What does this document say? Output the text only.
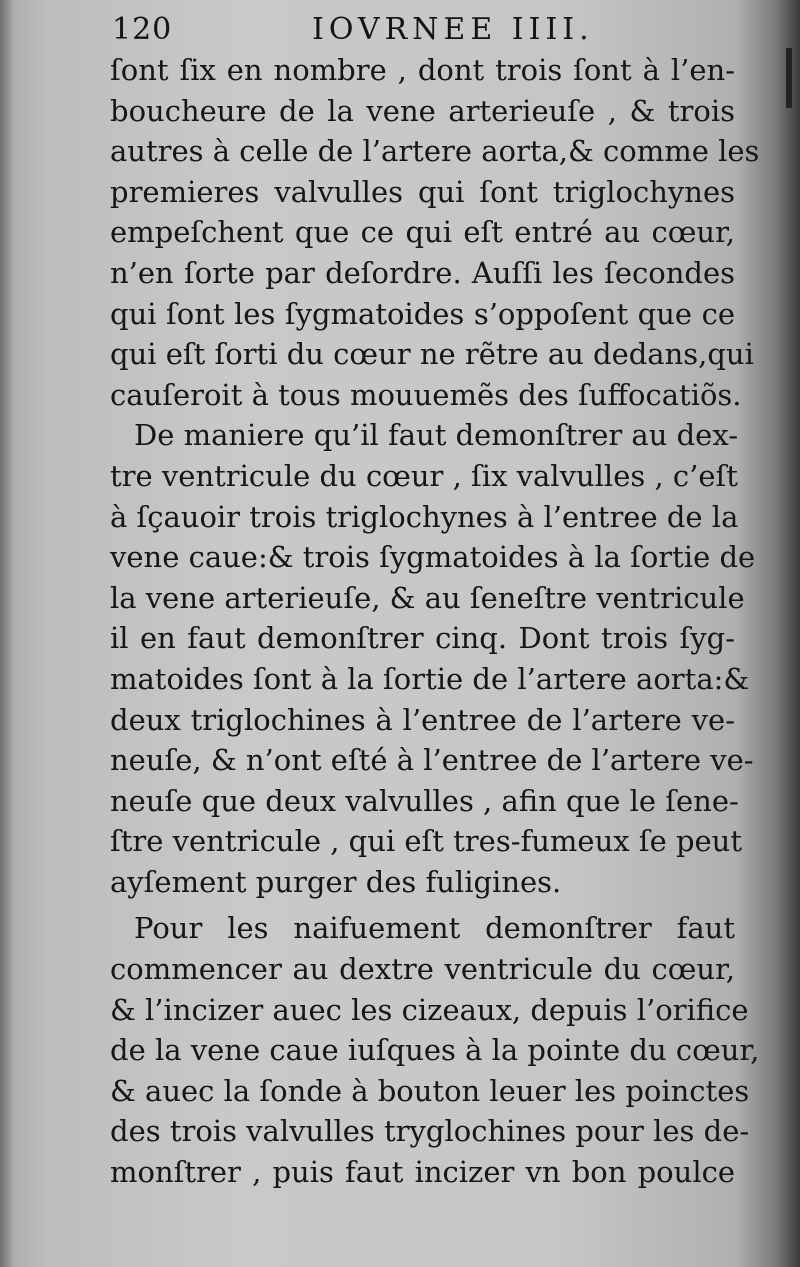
120	IOVRNEE IIII.
ſont ſix en nombre , dont trois ſont à l’en-
boucheure de la vene arterieuſe , & trois
autres à celle de l’artere aorta,& comme les
premieres valvulles qui ſont triglochynes
empeſchent que ce qui eſt entré au cœur,
n’en ſorte par deſordre. Auſſi les ſecondes
qui ſont les ſygmatoides s’oppoſent que ce
qui eſt ſorti du cœur ne rẽtre au dedans,qui
cauſeroit à tous mouuemẽs des ſuffocatiõs.
De maniere qu’il faut demonſtrer au dex-
tre ventricule du cœur , ſix valvulles , c’eſt
à ſçauoir trois triglochynes à l’entree de la
vene caue:& trois ſygmatoides à la ſortie de
la vene arterieuſe, & au ſeneſtre ventricule
il en faut demonſtrer cinq. Dont trois ſyg-
matoides ſont à la ſortie de l’artere aorta:&
deux triglochines à l’entree de l’artere ve-
neuſe, & n’ont eſté à l’entree de l’artere ve-
neuſe que deux valvulles , afin que le ſene-
ſtre ventricule , qui eſt tres-fumeux ſe peut
ayſement purger des fuligines.
Pour les naifuement demonſtrer faut
commencer au dextre ventricule du cœur,
& l’incizer auec les cizeaux, depuis l’orifice
de la vene caue iuſques à la pointe du cœur,
& auec la ſonde à bouton leuer les poinctes
des trois valvulles tryglochines pour les de-
monſtrer , puis faut incizer vn bon poulce
